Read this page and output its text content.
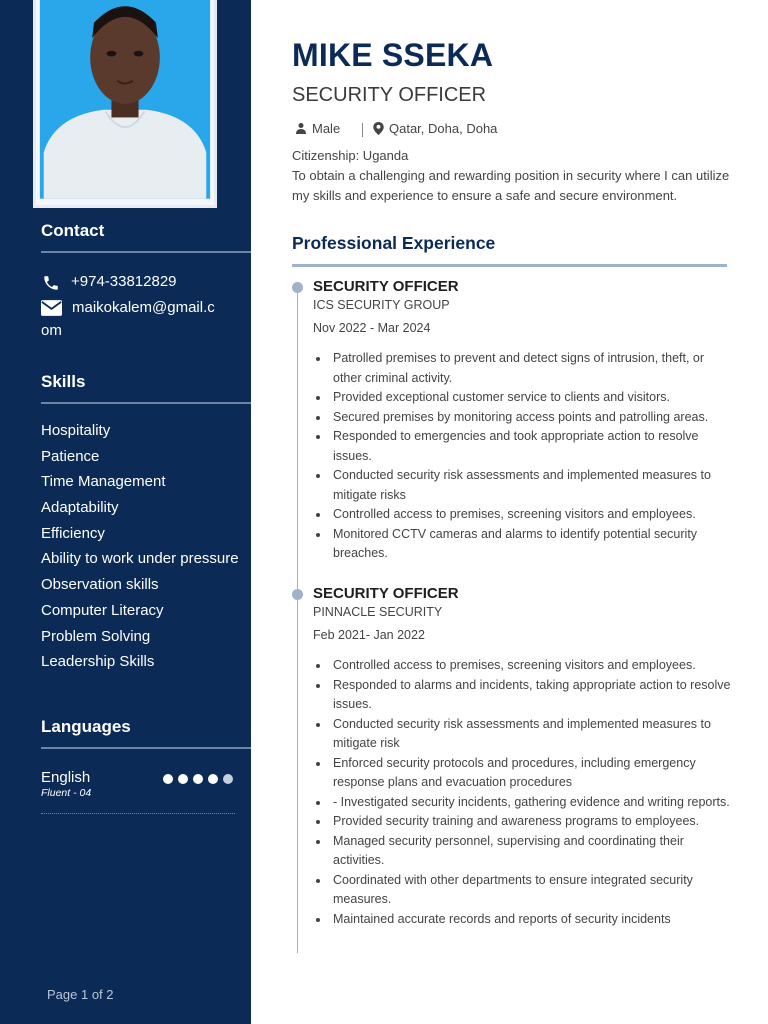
Contact
+974-33812829
maikokalem@gmail.c
om
Skills
Hospitality
Patience
Time Management
Adaptability
Efficiency
Ability to work under pressure
Observation skills
Computer Literacy
Problem Solving
Leadership Skills
Languages
English
Fluent - 04
Page 1 of 2
MIKE SSEKA
SECURITY OFFICER
Male	Qatar, Doha, Doha
Citizenship: Uganda
To obtain a challenging and rewarding position in security where I can utilize my skills and experience to ensure a safe and secure environment.
Professional Experience
SECURITY OFFICER
ICS SECURITY GROUP
Nov 2022 - Mar 2024
Patrolled premises to prevent and detect signs of intrusion, theft, or other criminal activity.
Provided exceptional customer service to clients and visitors.
Secured premises by monitoring access points and patrolling areas.
Responded to emergencies and took appropriate action to resolve issues.
Conducted security risk assessments and implemented measures to mitigate risks
Controlled access to premises, screening visitors and employees.
Monitored CCTV cameras and alarms to identify potential security breaches.
SECURITY OFFICER
PINNACLE SECURITY
Feb 2021- Jan 2022
Controlled access to premises, screening visitors and employees.
Responded to alarms and incidents, taking appropriate action to resolve issues.
Conducted security risk assessments and implemented measures to mitigate risk
Enforced security protocols and procedures, including emergency response plans and evacuation procedures
- Investigated security incidents, gathering evidence and writing reports.
Provided security training and awareness programs to employees.
Managed security personnel, supervising and coordinating their activities.
Coordinated with other departments to ensure integrated security measures.
Maintained accurate records and reports of security incidents
